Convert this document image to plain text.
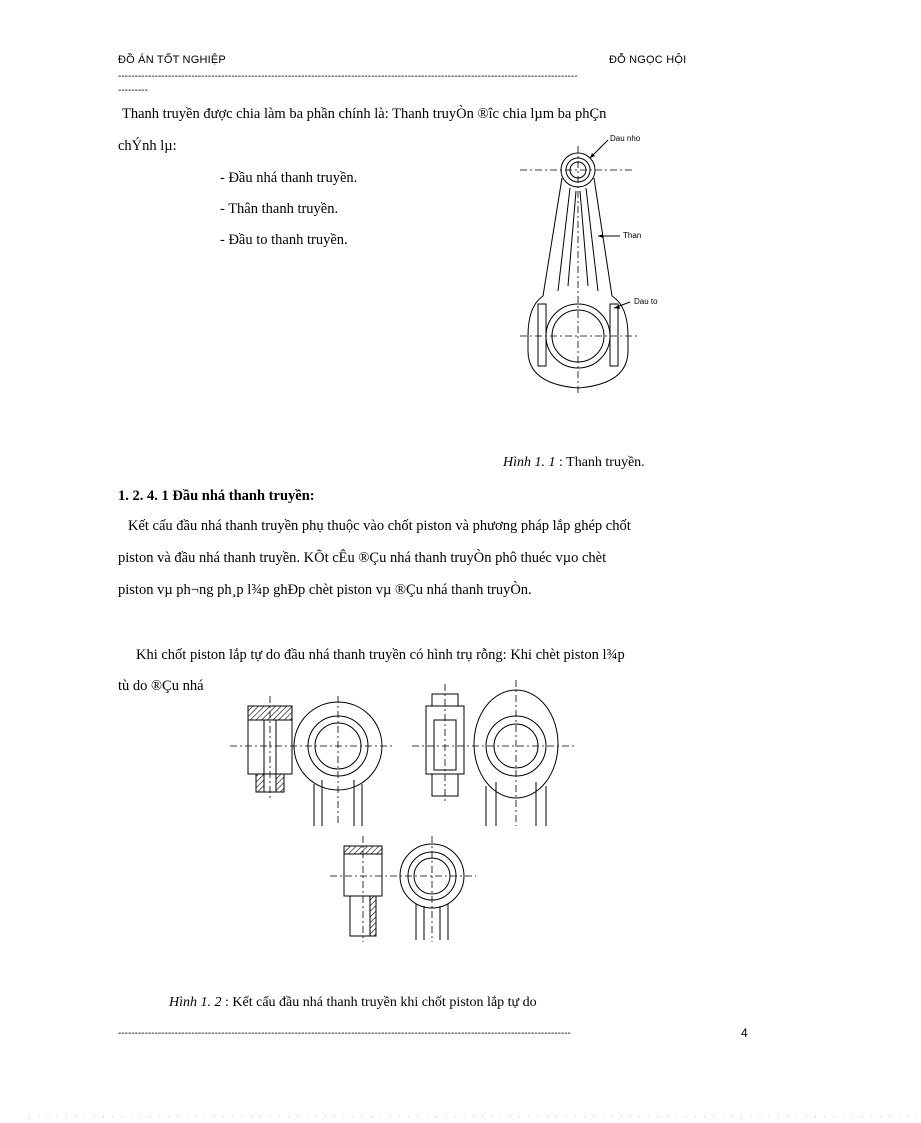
ĐỒ ÁN TỐT NGHIỆP	ĐỖ NGỌC HỘI
------------------------------------------------------------------------------------------------------------------------------------------
---------
Thanh truyền được chia làm ba phần chính là: Thanh truyÒn ®îc chia lµm ba phÇn
chÝnh lµ:
- Đầu nhá thanh truyền.
- Thân thanh truyền.
- Đầu to thanh truyền.
Dau nho
Than
Dau to
Hình 1. 1 : Thanh truyền.
1. 2. 4. 1 Đầu nhá thanh truyền:
Kết cấu đầu nhá thanh truyền phụ thuộc vào chốt piston và phương pháp lắp ghép chốt
piston và đầu nhá thanh truyền. KÕt cÊu ®Çu nhá thanh truyÒn phô thuéc vµo chèt
piston vµ ph¬ng ph¸p l¾p ghÐp chèt piston vµ ®Çu nhá thanh truyÒn.
Khi chốt piston lắp tự do đầu nhá thanh truyền có hình trụ rỗng: Khi chèt piston l¾p
tù do ®Çu nhá
Hình 1. 2 : Kết cấu đầu nhá thanh truyền khi chốt piston lắp tự do
----------------------------------------------------------------------------------------------------------------------------------------	4
· · · · · · · · · · · · · · · · · · · · · · · · · · · · · · · · · · · · · · · · · · · · · · · · · · · · · · · · · · · · · · · · · · · · · · · · · · · · · · · · · · · · · · · · · · · · · · · · ·
